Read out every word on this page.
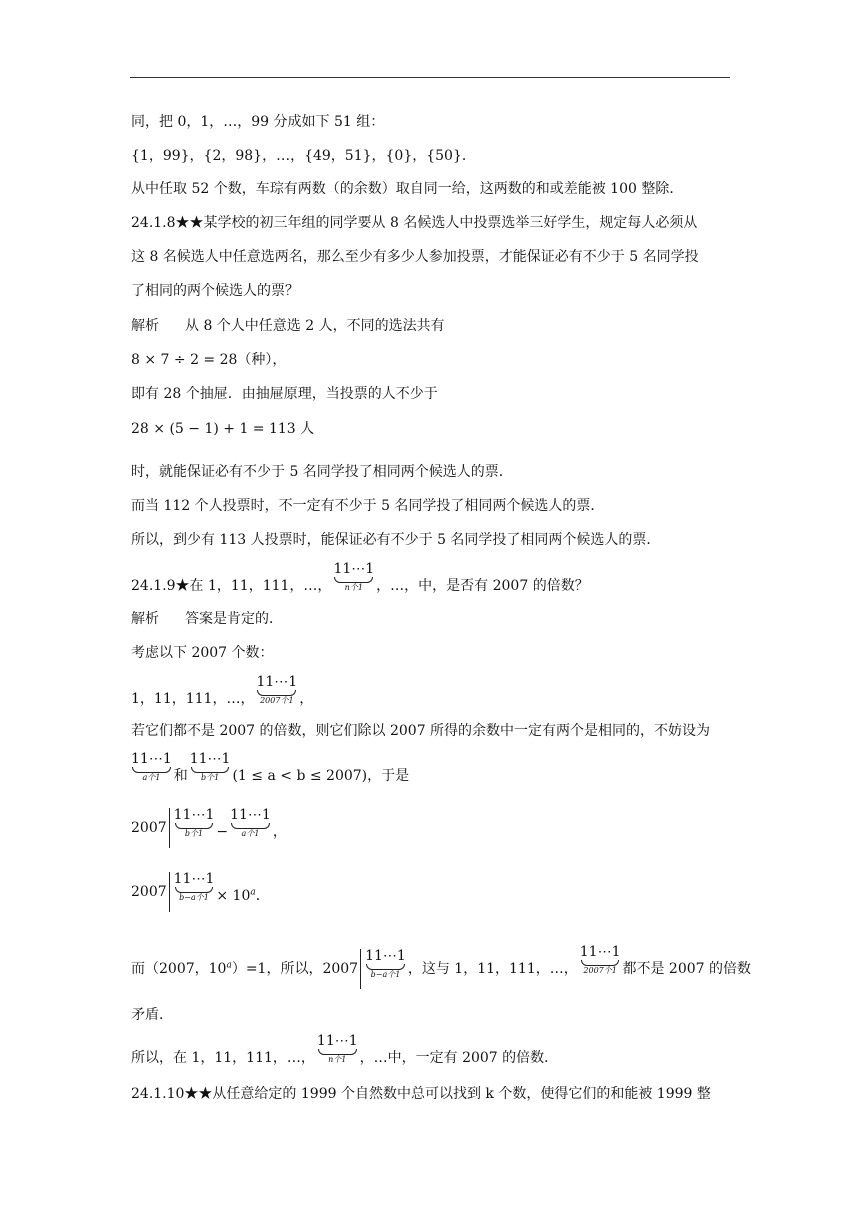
同，把 0，1，…，99 分成如下 51 组：
{1，99}，{2，98}，…，{49，51}，{0}，{50}．
从中任取 52 个数，车琮有两数（的余数）取自同一给，这两数的和或差能被 100 整除．
24.1.8★★某学校的初三年组的同学要从 8 名候选人中投票选举三好学生，规定每人必须从
这 8 名候选人中任意选两名，那么至少有多少人参加投票，才能保证必有不少于 5 名同学投
了相同的两个候选人的票？
解析 从 8 个人中任意选 2 人，不同的选法共有
8 × 7 ÷ 2 = 28（种），
即有 28 个抽屉．由抽屉原理，当投票的人不少于
28 × (5 − 1) + 1 = 113 人
时，就能保证必有不少于 5 名同学投了相同两个候选人的票．
而当 112 个人投票时，不一定有不少于 5 名同学投了相同两个候选人的票．
所以，到少有 113 人投票时，能保证必有不少于 5 名同学投了相同两个候选人的票．
24.1.9★在 1，11，111，…，
11⋯1
n个1 ，…，中，是否有 2007 的倍数？
解析 答案是肯定的．
考虑以下 2007 个数：
1，11，111，…，
11⋯1
2007个1 ，
若它们都不是 2007 的倍数，则它们除以 2007 所得的余数中一定有两个是相同的，不妨设为
11⋯1
a个1 和
11⋯1
b个1 (1 ≤ a < b ≤ 2007)，于是
2007
11⋯1
b个1 −
11⋯1
a个1 ，
2007
11⋯1
b−a个$1 \times 10^a$．
而（2007，$10^a)=1$，所以，2007
11⋯1
b−a个1 ，这与 1，11，111，…，
11⋯1
2007个1 都不是 2007 的倍数
矛盾．
所以，在 1，11，111，…，
11⋯1
n个1 ，…中，一定有 2007 的倍数．
24.1.10★★从任意给定的 1999 个自然数中总可以找到 k 个数，使得它们的和能被 1999 整
